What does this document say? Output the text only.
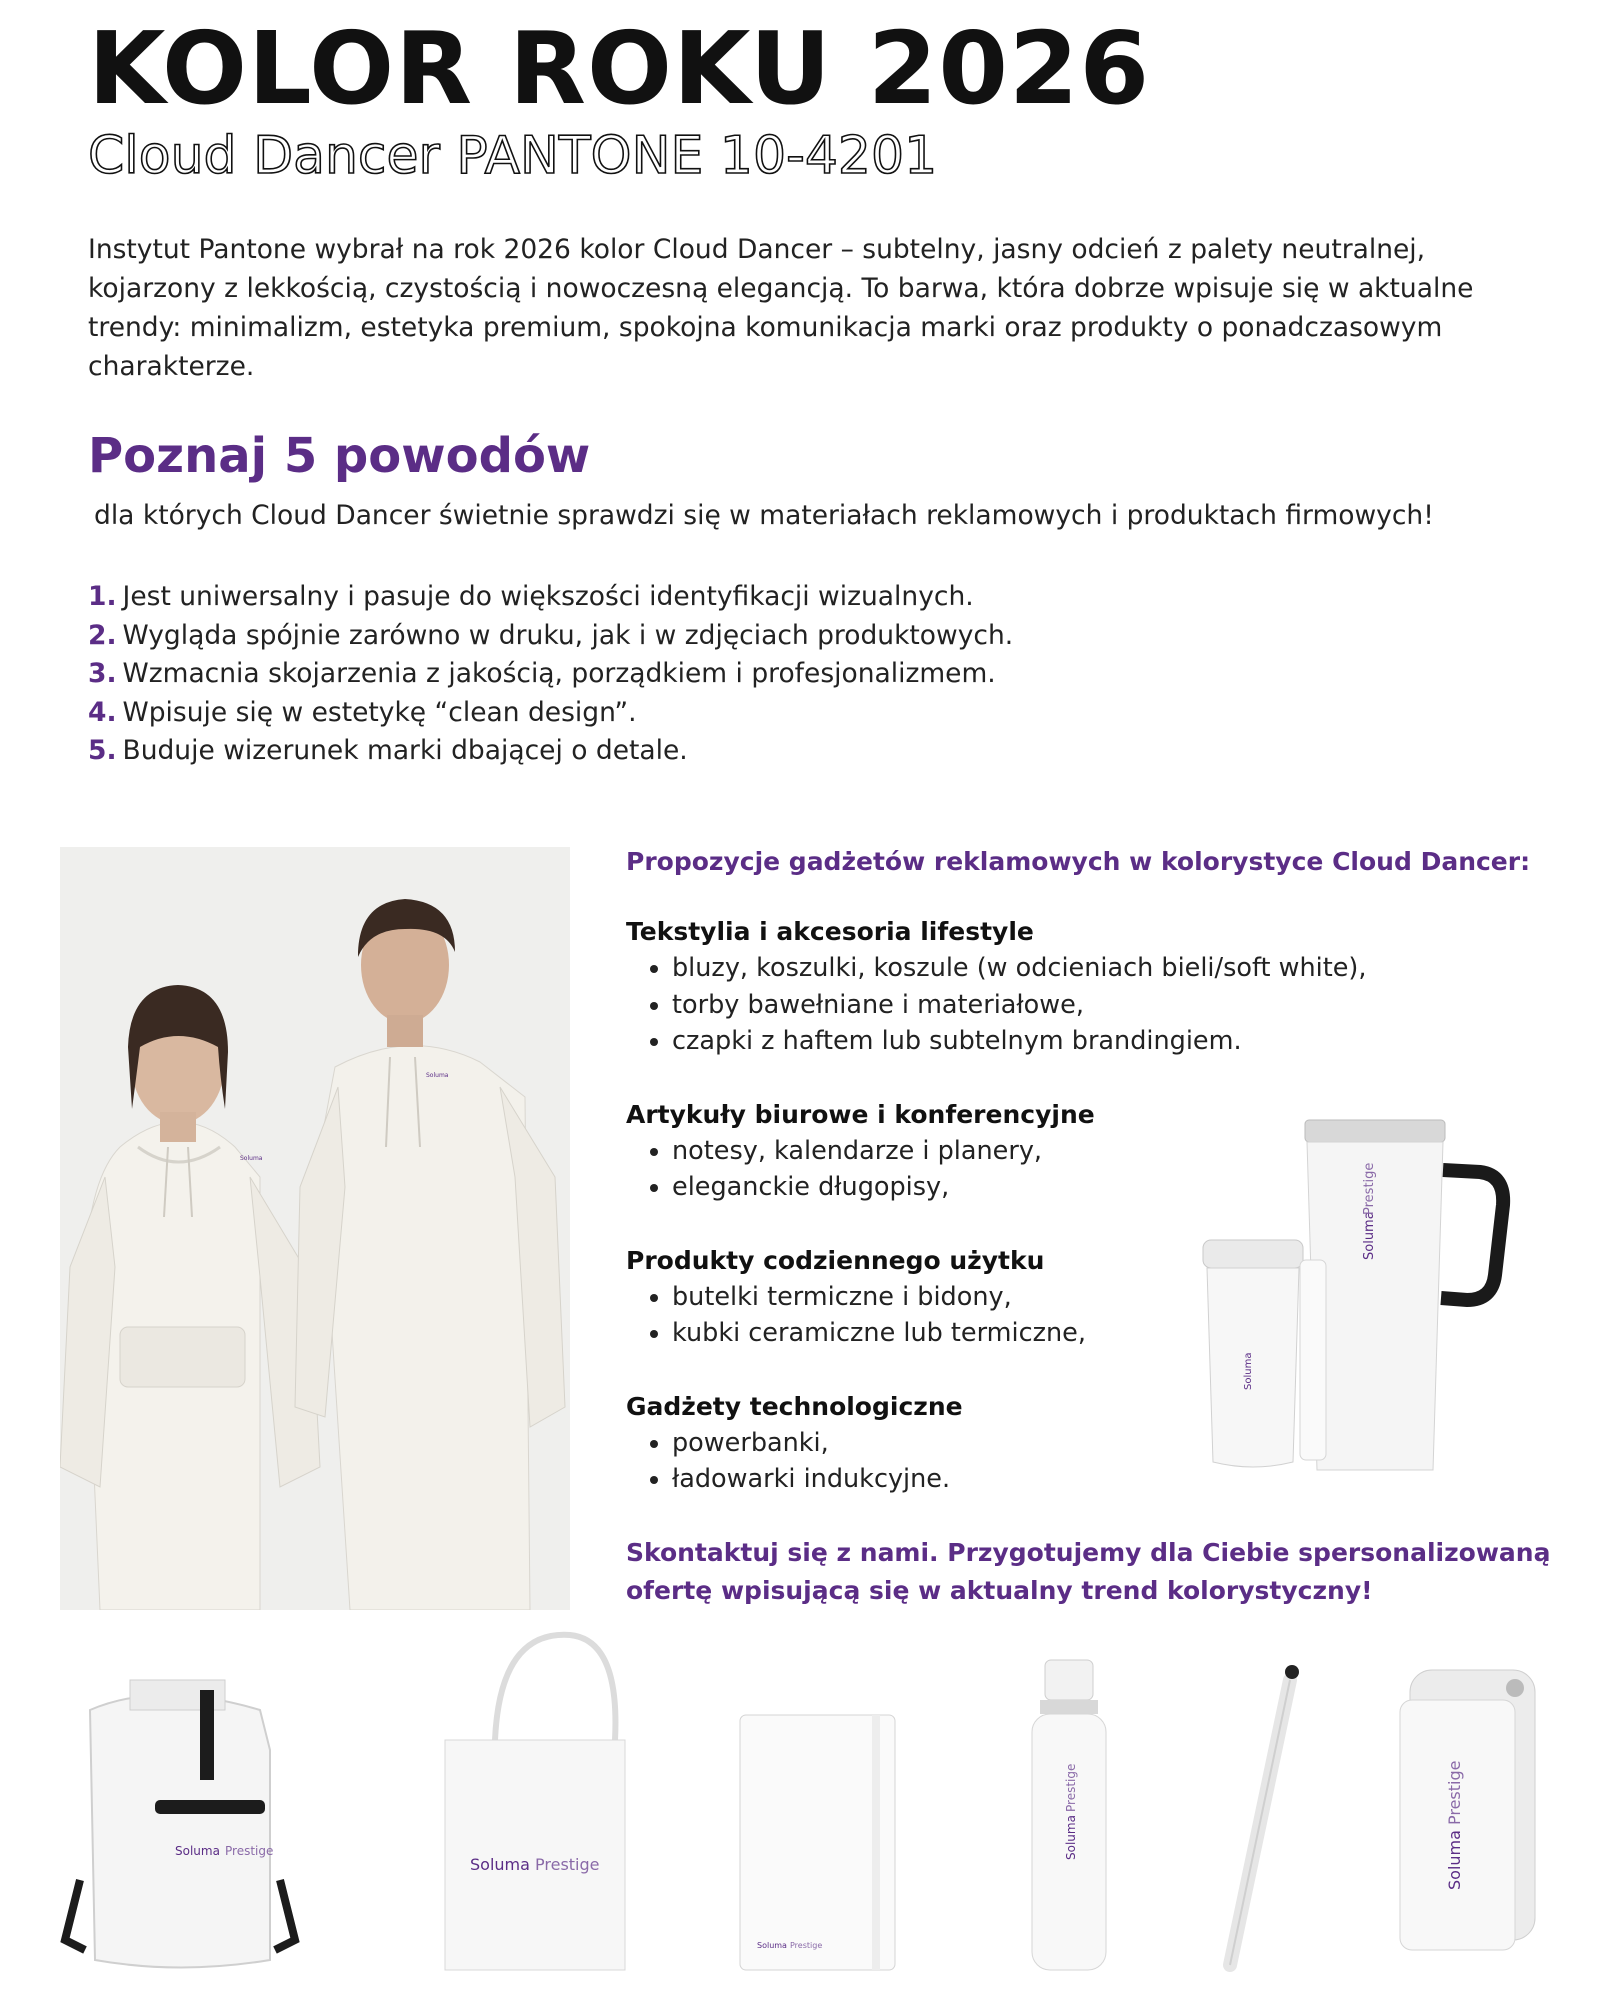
KOLOR ROKU 2026
Cloud Dancer PANTONE 10-4201

Instytut Pantone wybrał na rok 2026 kolor Cloud Dancer – subtelny, jasny odcień z palety neutralnej, kojarzony z lekkością, czystością i nowoczesną elegancją. To barwa, która dobrze wpisuje się w aktualne trendy: minimalizm, estetyka premium, spokojna komunikacja marki oraz produkty o ponadczasowym charakterze.

Poznaj 5 powodów

dla których Cloud Dancer świetnie sprawdzi się w materiałach reklamowych i produktach firmowych!

1. Jest uniwersalny i pasuje do większości identyfikacji wizualnych.
2. Wygląda spójnie zarówno w druku, jak i w zdjęciach produktowych.
3. Wzmacnia skojarzenia z jakością, porządkiem i profesjonalizmem.
4. Wpisuje się w estetykę “clean design”.
5. Buduje wizerunek marki dbającej o detale.
Soluma
Soluma

Propozycje gadżetów reklamowych w kolorystyce Cloud Dancer:

Tekstylia i akcesoria lifestyle

• bluzy, koszulki, koszule (w odcieniach bieli/soft white),
• torby bawełniane i materiałowe,
• czapki z haftem lub subtelnym brandingiem.

Artykuły biurowe i konferencyjne

• notesy, kalendarze i planery,
• eleganckie długopisy,

Produkty codziennego użytku

• butelki termiczne i bidony,
• kubki ceramiczne lub termiczne,

Gadżety technologiczne

• powerbanki,
• ładowarki indukcyjne.

Skontaktuj się z nami. Przygotujemy dla Ciebie spersonalizowaną
ofertę wpisującą się w aktualny trend kolorystyczny!

Soluma
Prestige
Soluma
Soluma Prestige
Soluma Prestige
Soluma Prestige
Soluma
Prestige
Soluma
Prestige
